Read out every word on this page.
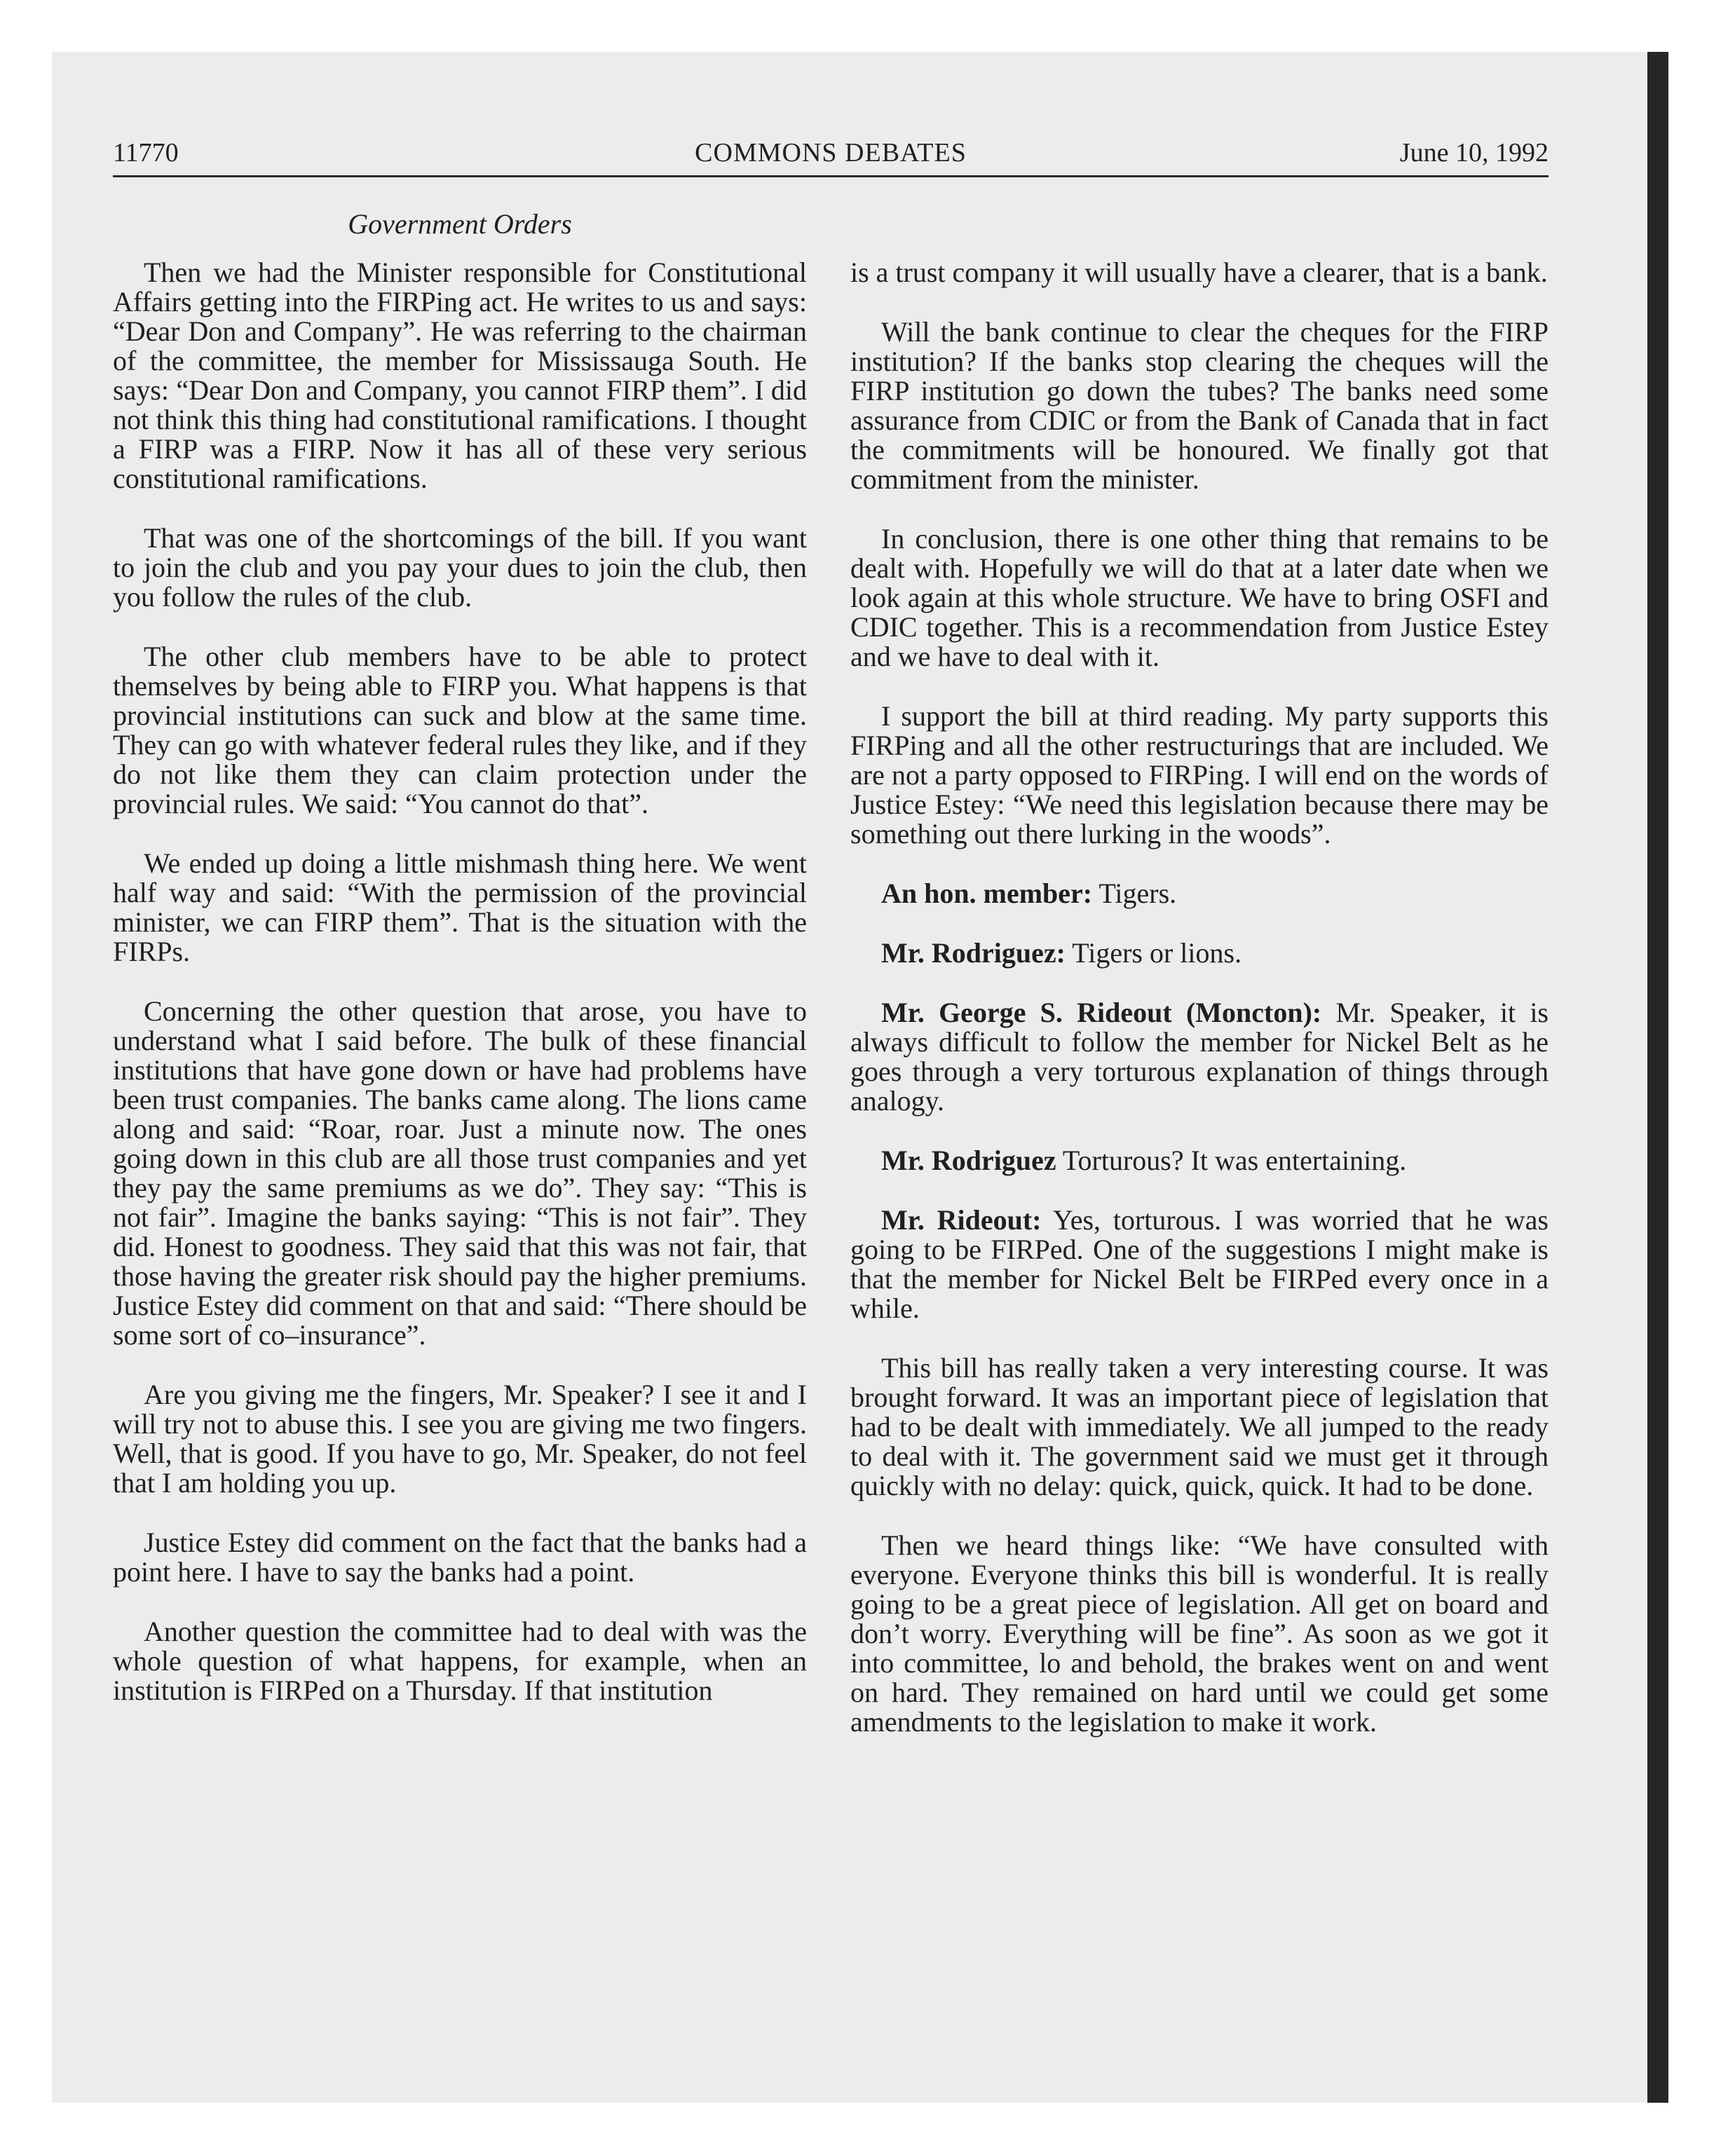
11770	COMMONS DEBATES	June 10, 1992
Government Orders

Then we had the Minister responsible for Constitutional Affairs getting into the FIRPing act. He writes to us and says: “Dear Don and Company”. He was referring to the chairman of the committee, the member for Mississauga South. He says: “Dear Don and Company, you cannot FIRP them”. I did not think this thing had constitutional ramifications. I thought a FIRP was a FIRP. Now it has all of these very serious constitutional ramifications.

That was one of the shortcomings of the bill. If you want to join the club and you pay your dues to join the club, then you follow the rules of the club.

The other club members have to be able to protect themselves by being able to FIRP you. What happens is that provincial institutions can suck and blow at the same time. They can go with whatever federal rules they like, and if they do not like them they can claim protection under the provincial rules. We said: “You cannot do that”.

We ended up doing a little mishmash thing here. We went half way and said: “With the permission of the provincial minister, we can FIRP them”. That is the situation with the FIRPs.

Concerning the other question that arose, you have to understand what I said before. The bulk of these financial institutions that have gone down or have had problems have been trust companies. The banks came along. The lions came along and said: “Roar, roar. Just a minute now. The ones going down in this club are all those trust companies and yet they pay the same premiums as we do”. They say: “This is not fair”. Imagine the banks saying: “This is not fair”. They did. Honest to goodness. They said that this was not fair, that those having the greater risk should pay the higher premiums. Justice Estey did comment on that and said: “There should be some sort of co–insurance”.

Are you giving me the fingers, Mr. Speaker? I see it and I will try not to abuse this. I see you are giving me two fingers. Well, that is good. If you have to go, Mr. Speaker, do not feel that I am holding you up.

Justice Estey did comment on the fact that the banks had a point here. I have to say the banks had a point.

Another question the committee had to deal with was the whole question of what happens, for example, when an institution is FIRPed on a Thursday. If that institution

is a trust company it will usually have a clearer, that is a bank.

Will the bank continue to clear the cheques for the FIRP institution? If the banks stop clearing the cheques will the FIRP institution go down the tubes? The banks need some assurance from CDIC or from the Bank of Canada that in fact the commitments will be honoured. We finally got that commitment from the minister.

In conclusion, there is one other thing that remains to be dealt with. Hopefully we will do that at a later date when we look again at this whole structure. We have to bring OSFI and CDIC together. This is a recommendation from Justice Estey and we have to deal with it.

I support the bill at third reading. My party supports this FIRPing and all the other restructurings that are included. We are not a party opposed to FIRPing. I will end on the words of Justice Estey: “We need this legislation because there may be something out there lurking in the woods”.

An hon. member: Tigers.

Mr. Rodriguez: Tigers or lions.

Mr. George S. Rideout (Moncton): Mr. Speaker, it is always difficult to follow the member for Nickel Belt as he goes through a very torturous explanation of things through analogy.

Mr. Rodriguez Torturous? It was entertaining.

Mr. Rideout: Yes, torturous. I was worried that he was going to be FIRPed. One of the suggestions I might make is that the member for Nickel Belt be FIRPed every once in a while.

This bill has really taken a very interesting course. It was brought forward. It was an important piece of legislation that had to be dealt with immediately. We all jumped to the ready to deal with it. The government said we must get it through quickly with no delay: quick, quick, quick. It had to be done.

Then we heard things like: “We have consulted with everyone. Everyone thinks this bill is wonderful. It is really going to be a great piece of legislation. All get on board and don’t worry. Everything will be fine”. As soon as we got it into committee, lo and behold, the brakes went on and went on hard. They remained on hard until we could get some amendments to the legislation to make it work.
